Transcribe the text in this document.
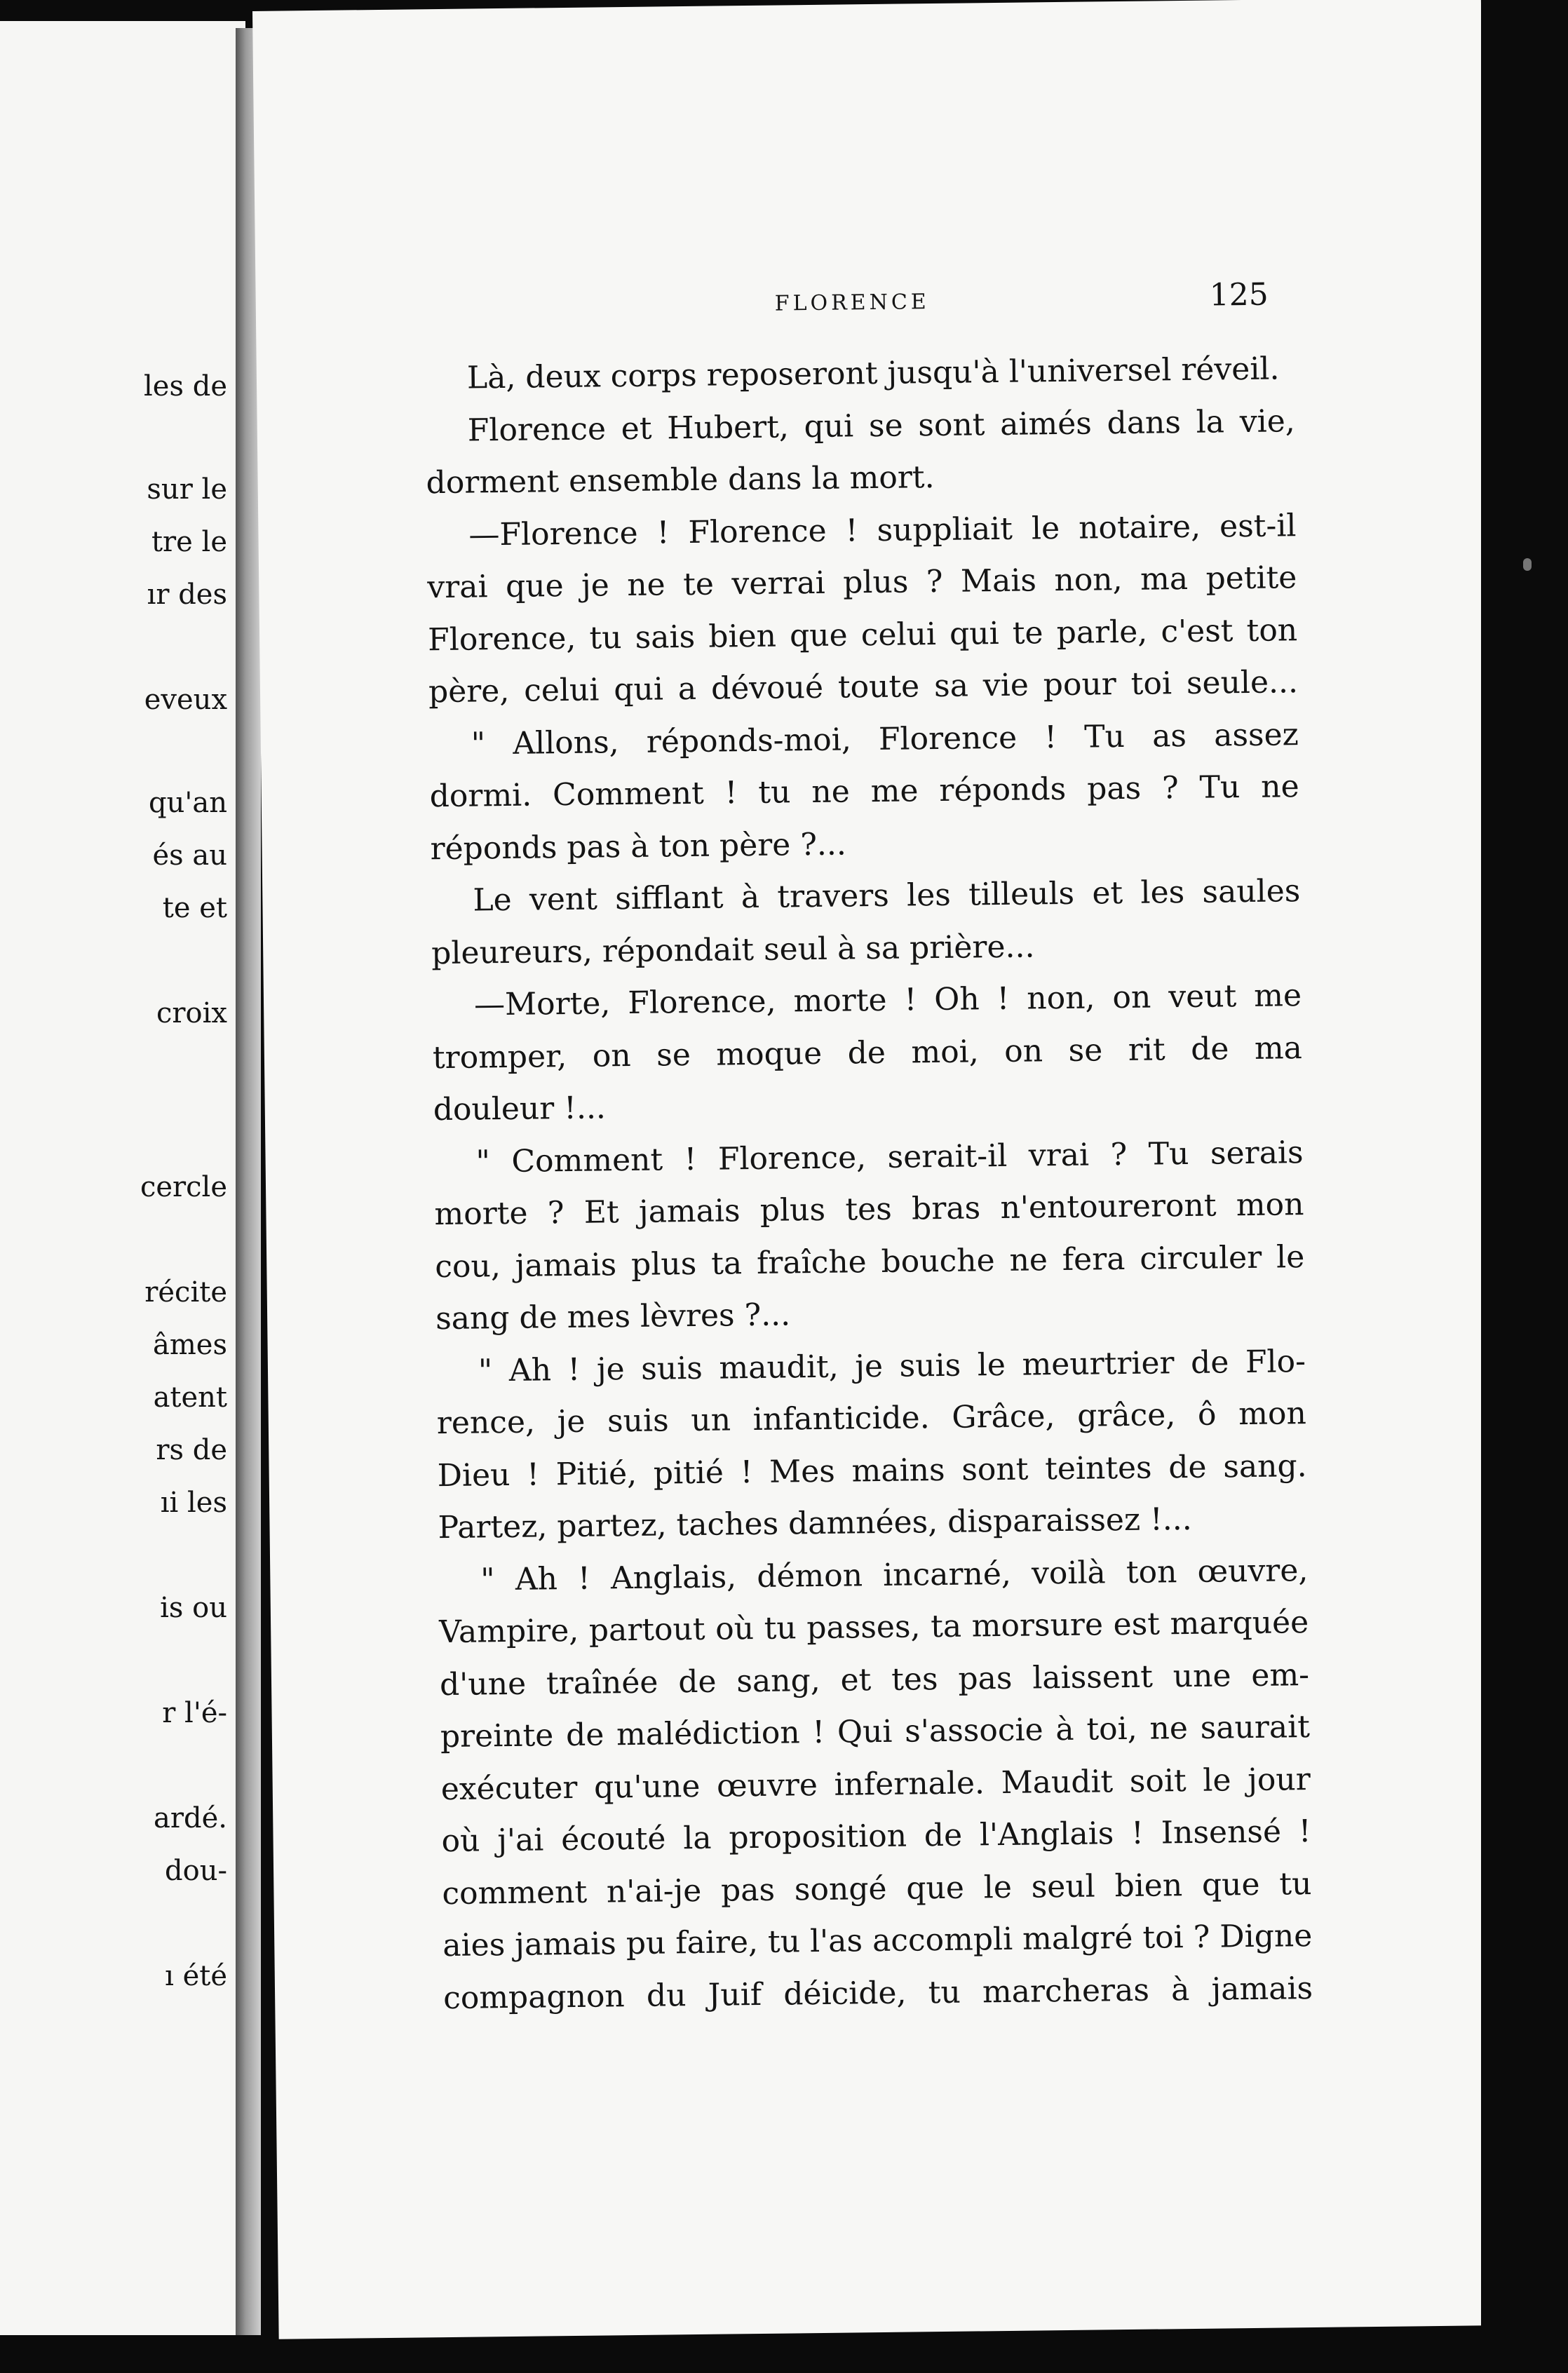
les de
sur le
tre le
ır des
eveux
qu'an
és au
te et
croix
cercle
récite
âmes
atent
rs de
ıi les
is ou
r l'é-
ardé.
dou-
ı été
FLORENCE	125
Là, deux corps reposeront jusqu'à l'universel réveil.
Florence et Hubert, qui se sont aimés dans la vie,
dorment ensemble dans la mort.
—Florence ! Florence ! suppliait le notaire, est-il
vrai que je ne te verrai plus ? Mais non, ma petite
Florence, tu sais bien que celui qui te parle, c'est ton
père, celui qui a dévoué toute sa vie pour toi seule...
" Allons, réponds-moi, Florence ! Tu as assez
dormi. Comment ! tu ne me réponds pas ? Tu ne
réponds pas à ton père ?...
Le vent sifflant à travers les tilleuls et les saules
pleureurs, répondait seul à sa prière...
—Morte, Florence, morte ! Oh ! non, on veut me
tromper, on se moque de moi, on se rit de ma
douleur !...
" Comment ! Florence, serait-il vrai ? Tu serais
morte ? Et jamais plus tes bras n'entoureront mon
cou, jamais plus ta fraîche bouche ne fera circuler le
sang de mes lèvres ?...
" Ah ! je suis maudit, je suis le meurtrier de Flo-
rence, je suis un infanticide. Grâce, grâce, ô mon
Dieu ! Pitié, pitié ! Mes mains sont teintes de sang.
Partez, partez, taches damnées, disparaissez !...
" Ah ! Anglais, démon incarné, voilà ton œuvre,
Vampire, partout où tu passes, ta morsure est marquée
d'une traînée de sang, et tes pas laissent une em-
preinte de malédiction ! Qui s'associe à toi, ne saurait
exécuter qu'une œuvre infernale. Maudit soit le jour
où j'ai écouté la proposition de l'Anglais ! Insensé !
comment n'ai-je pas songé que le seul bien que tu
aies jamais pu faire, tu l'as accompli malgré toi ? Digne
compagnon du Juif déicide, tu marcheras à jamais
